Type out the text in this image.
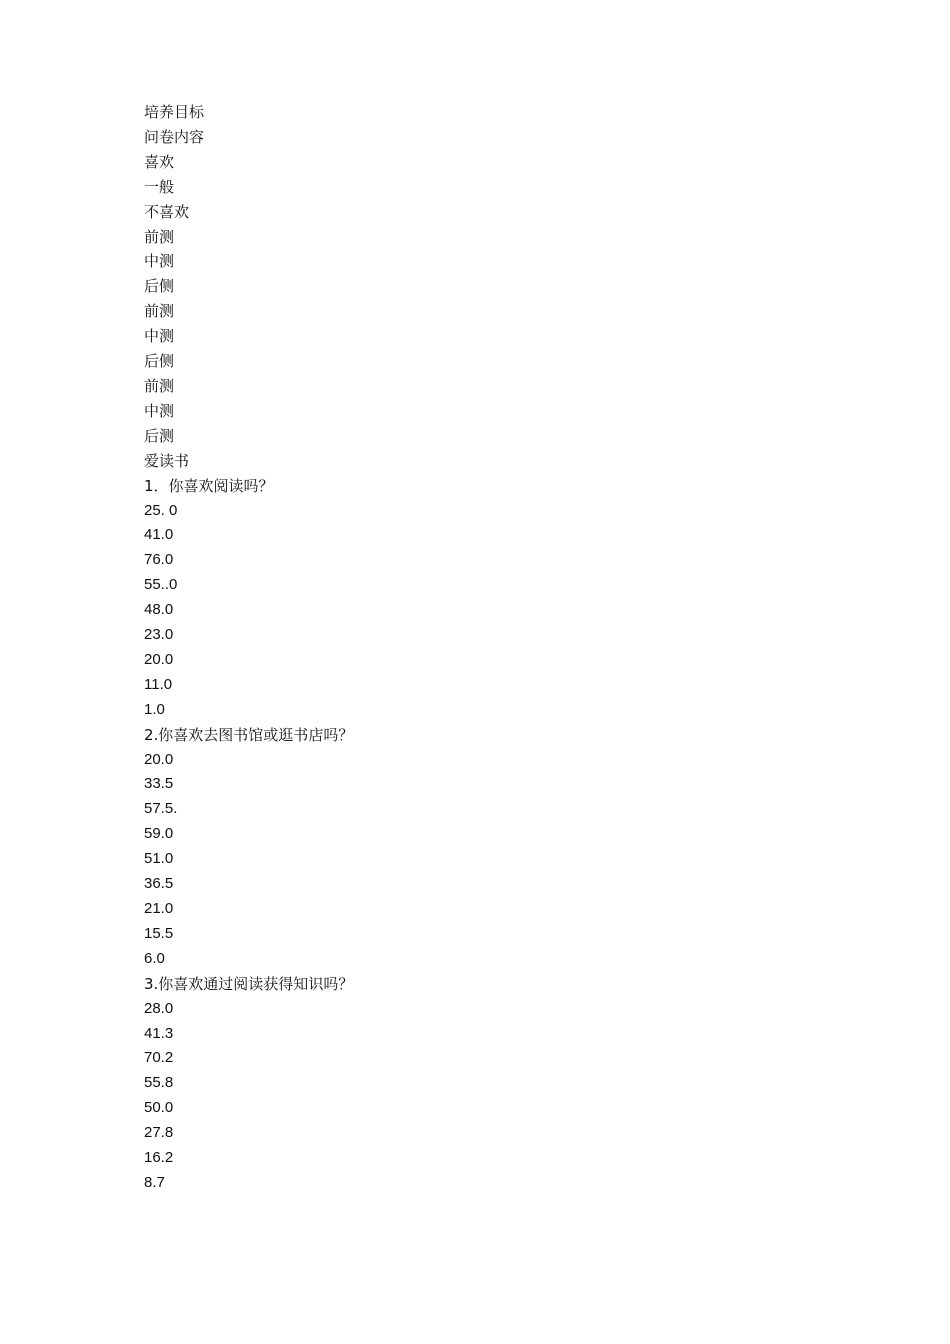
培养目标
问卷内容
喜欢
一般
不喜欢
前测
中测
后侧
前测
中测
后侧
前测
中测
后测
爱读书
1．你喜欢阅读吗？
25. 0
41.0
76.0
55..0
48.0
23.0
20.0
11.0
1.0
2.你喜欢去图书馆或逛书店吗？
20.0
33.5
57.5.
59.0
51.0
36.5
21.0
15.5
6.0
3.你喜欢通过阅读获得知识吗？
28.0
41.3
70.2
55.8
50.0
27.8
16.2
8.7
